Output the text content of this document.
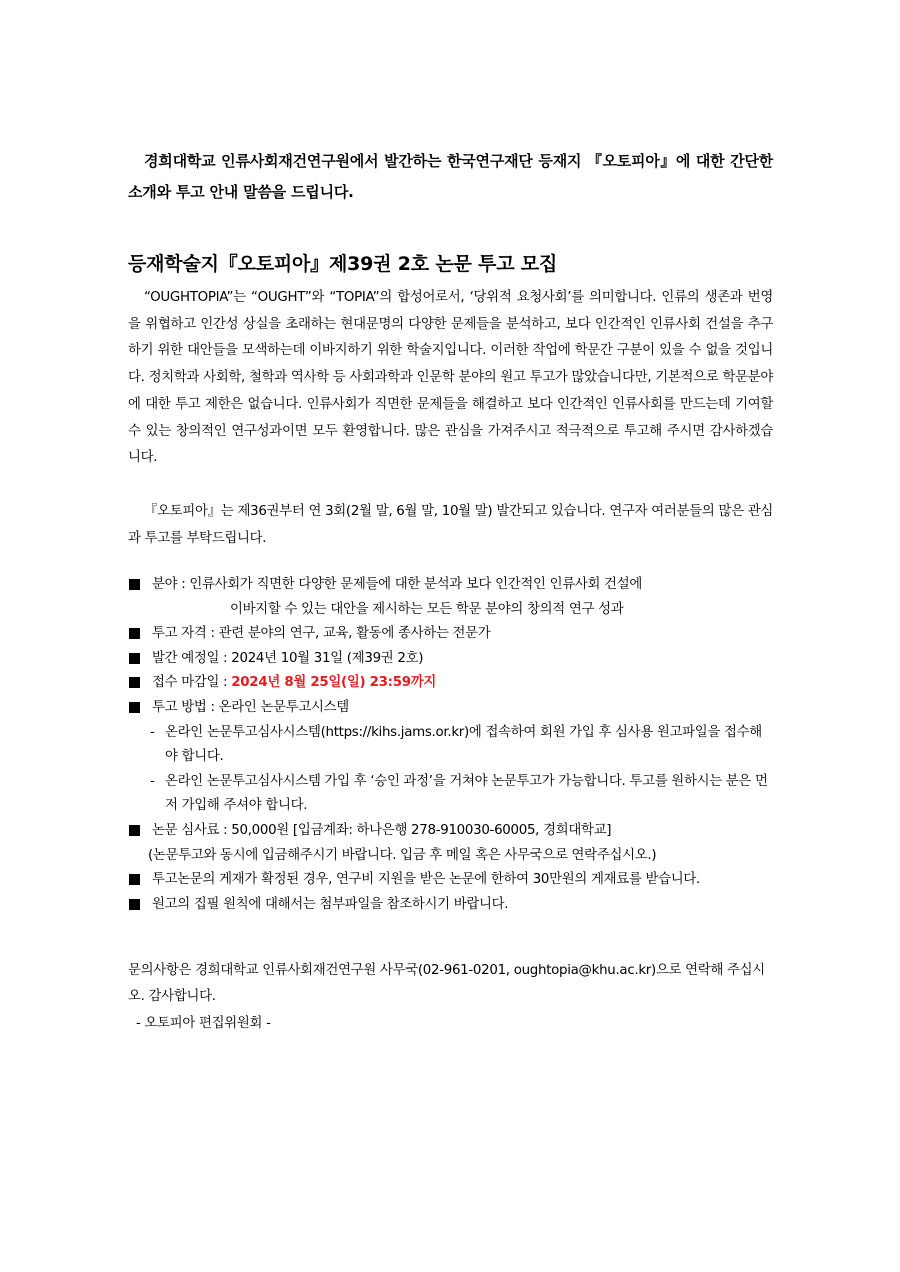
경희대학교 인류사회재건연구원에서 발간하는 한국연구재단 등재지 『오토피아』에 대한 간단한 소개와 투고 안내 말씀을 드립니다.
등재학술지『오토피아』제39권 2호 논문 투고 모집
“OUGHTOPIA”는 “OUGHT”와 “TOPIA”의 합성어로서, ‘당위적 요청사회’를 의미합니다. 인류의 생존과 번영을 위협하고 인간성 상실을 초래하는 현대문명의 다양한 문제들을 분석하고, 보다 인간적인 인류사회 건설을 추구하기 위한 대안들을 모색하는데 이바지하기 위한 학술지입니다. 이러한 작업에 학문간 구분이 있을 수 없을 것입니다. 정치학과 사회학, 철학과 역사학 등 사회과학과 인문학 분야의 원고 투고가 많았습니다만, 기본적으로 학문분야에 대한 투고 제한은 없습니다. 인류사회가 직면한 문제들을 해결하고 보다 인간적인 인류사회를 만드는데 기여할 수 있는 창의적인 연구성과이면 모두 환영합니다. 많은 관심을 가져주시고 적극적으로 투고해 주시면 감사하겠습니다.
『오토피아』는 제36권부터 연 3회(2월 말, 6월 말, 10월 말) 발간되고 있습니다. 연구자 여러분들의 많은 관심과 투고를 부탁드립니다.
분야 : 인류사회가 직면한 다양한 문제들에 대한 분석과 보다 인간적인 인류사회 건설에
이바지할 수 있는 대안을 제시하는 모든 학문 분야의 창의적 연구 성과
투고 자격 : 관련 분야의 연구, 교육, 활동에 종사하는 전문가
발간 예정일 : 2024년 10월 31일 (제39권 2호)
접수 마감일 : 2024년 8월 25일(일) 23:59까지
투고 방법 : 온라인 논문투고시스템
- 온라인 논문투고심사시스템(https://kihs.jams.or.kr)에 접속하여 회원 가입 후 심사용 원고파일을 접수해야 합니다.
- 온라인 논문투고심사시스템 가입 후 ‘승인 과정’을 거쳐야 논문투고가 가능합니다. 투고를 원하시는 분은 먼저 가입해 주셔야 합니다.
논문 심사료 : 50,000원 [입금계좌: 하나은행 278-910030-60005, 경희대학교]
(논문투고와 동시에 입금해주시기 바랍니다. 입금 후 메일 혹은 사무국으로 연락주십시오.)
투고논문의 게재가 확정된 경우, 연구비 지원을 받은 논문에 한하여 30만원의 게재료를 받습니다.
원고의 집필 원칙에 대해서는 첨부파일을 참조하시기 바랍니다.
문의사항은 경희대학교 인류사회재건연구원 사무국(02-961-0201, oughtopia@khu.ac.kr)으로 연락해 주십시오. 감사합니다.
- 오토피아 편집위원회 -
